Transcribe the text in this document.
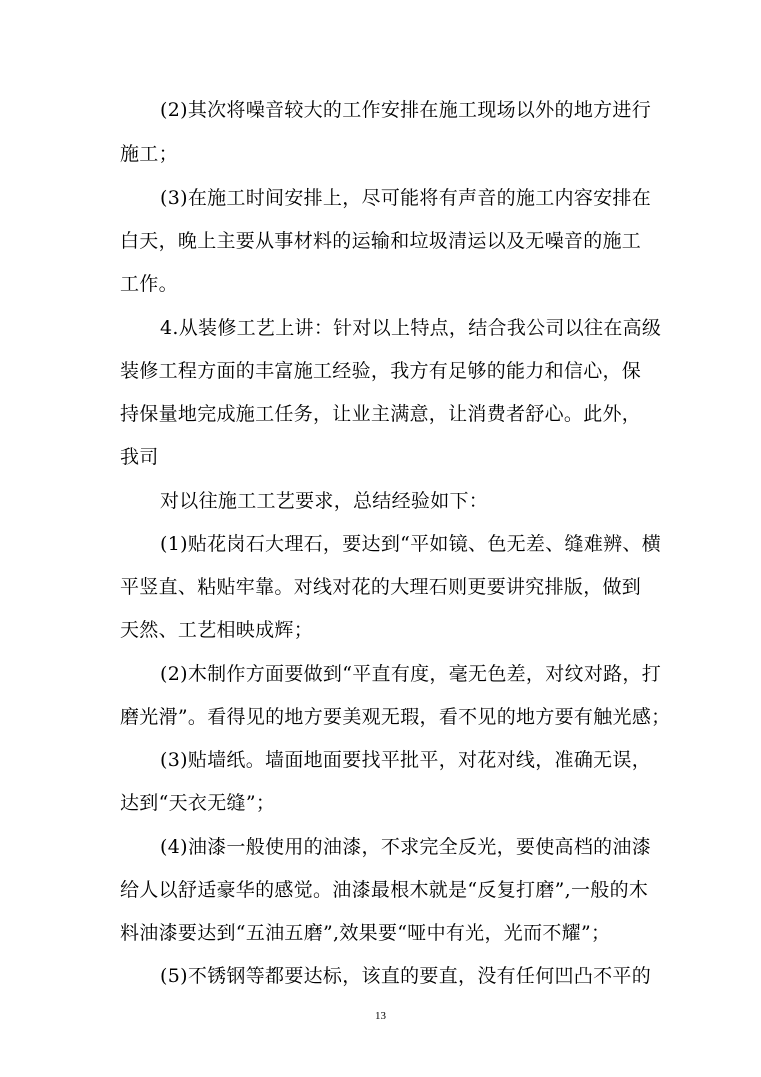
(2)其次将噪音较大的工作安排在施工现场以外的地方进行
施工；
(3)在施工时间安排上，尽可能将有声音的施工内容安排在
白天，晚上主要从事材料的运输和垃圾清运以及无噪音的施工
工作。
4.从装修工艺上讲：针对以上特点，结合我公司以往在高级
装修工程方面的丰富施工经验，我方有足够的能力和信心，保
持保量地完成施工任务，让业主满意，让消费者舒心。此外，
我司
对以往施工工艺要求，总结经验如下：
(1)贴花岗石大理石，要达到“平如镜、色无差、缝难辨、横
平竖直、粘贴牢靠。对线对花的大理石则更要讲究排版，做到
天然、工艺相映成辉；
(2)木制作方面要做到“平直有度，毫无色差，对纹对路，打
磨光滑”。看得见的地方要美观无瑕，看不见的地方要有触光感；
(3)贴墙纸。墙面地面要找平批平，对花对线，准确无误，
达到“天衣无缝”；
(4)油漆一般使用的油漆，不求完全反光，要使高档的油漆
给人以舒适豪华的感觉。油漆最根木就是“反复打磨”,一般的木
料油漆要达到“五油五磨”,效果要“哑中有光，光而不耀”；
(5)不锈钢等都要达标，该直的要直，没有任何凹凸不平的
13
